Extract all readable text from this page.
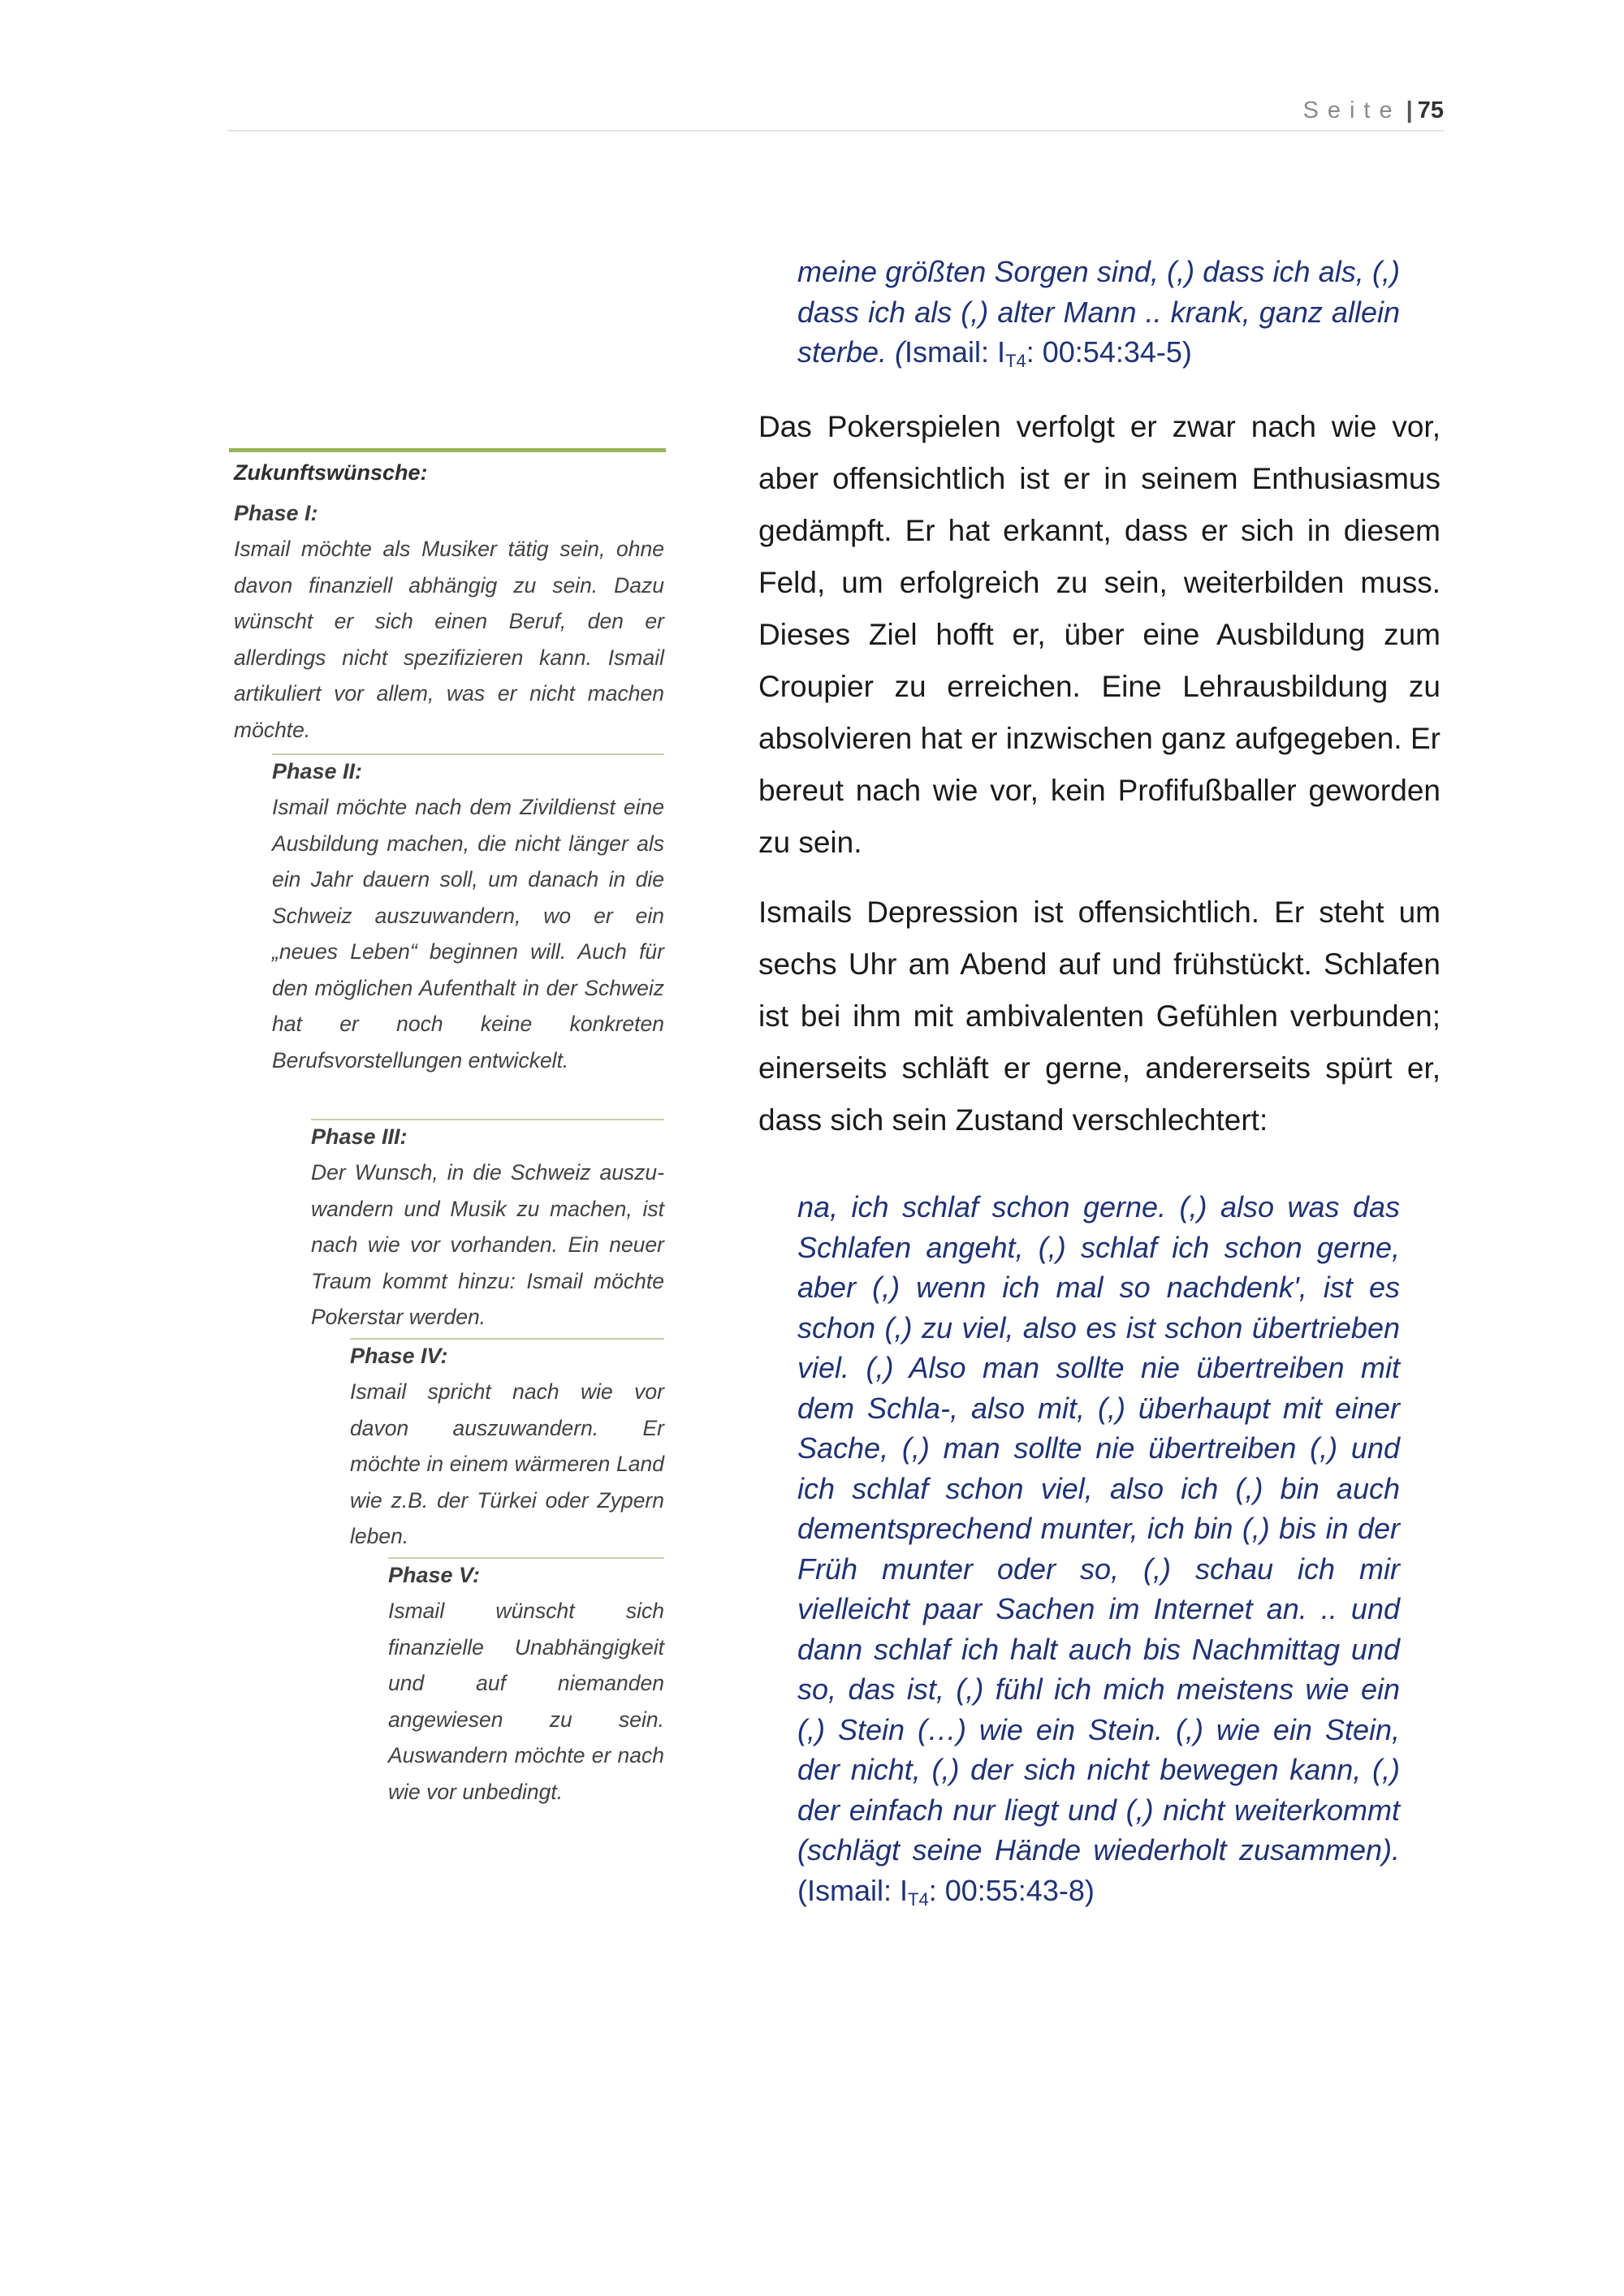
Seite | 75
meine größten Sorgen sind, (,) dass ich als, (,) dass ich als (,) alter Mann .. krank, ganz allein sterbe. (Ismail: $I_{T4}$: 00:54:34-5)

Das Pokerspielen verfolgt er zwar nach wie vor, aber offensichtlich ist er in seinem Enthusiasmus gedämpft. Er hat erkannt, dass er sich in diesem Feld, um erfolgreich zu sein, weiterbilden muss. Dieses Ziel hofft er, über eine Ausbildung zum Croupier zu erreichen. Eine Lehrausbildung zu absolvieren hat er inzwischen ganz aufgegeben. Er bereut nach wie vor, kein Profifußballer geworden zu sein.

Ismails Depression ist offensichtlich. Er steht um sechs Uhr am Abend auf und frühstückt. Schlafen ist bei ihm mit ambivalenten Gefühlen verbunden; einerseits schläft er gerne, andererseits spürt er, dass sich sein Zustand verschlechtert:

na, ich schlaf schon gerne. (,) also was das Schlafen angeht, (,) schlaf ich schon gerne, aber (,) wenn ich mal so nachdenk', ist es schon (,) zu viel, also es ist schon übertrieben viel. (,) Also man sollte nie übertreiben mit dem Schla-, also mit, (,) überhaupt mit einer Sache, (,) man sollte nie übertreiben (,) und ich schlaf schon viel, also ich (,) bin auch dementsprechend munter, ich bin (,) bis in der Früh munter oder so, (,) schau ich mir vielleicht paar Sachen im Internet an. .. und dann schlaf ich halt auch bis Nachmittag und so, das ist, (,) fühl ich mich meistens wie ein (,) Stein (…) wie ein Stein. (,) wie ein Stein, der nicht, (,) der sich nicht bewegen kann, (,) der einfach nur liegt und (,) nicht weiterkommt (schlägt seine Hände wiederholt zusammen). (Ismail: $I_{T4}$: 00:55:43-8)
Zukunftswünsche:
Phase I:
Ismail möchte als Musiker tätig sein, ohne davon finanziell abhängig zu sein. Dazu wünscht er sich einen Beruf, den er allerdings nicht spezifizieren kann. Ismail artikuliert vor allem, was er nicht machen möchte.
Phase II:
Ismail möchte nach dem Zivildienst eine Ausbildung machen, die nicht länger als ein Jahr dauern soll, um danach in die Schweiz auszuwandern, wo er ein „neues Leben“ beginnen will. Auch für den möglichen Aufenthalt in der Schweiz hat er noch keine konkreten Berufsvorstellungen entwickelt.
Phase III:
Der Wunsch, in die Schweiz auszuwandern und Musik zu machen, ist nach wie vor vorhanden. Ein neuer Traum kommt hinzu: Ismail möchte Pokerstar werden.
Phase IV:
Ismail spricht nach wie vor davon auszuwandern. Er möchte in einem wärmeren Land wie z.B. der Türkei oder Zypern leben.
Phase V:
Ismail wünscht sich finanzielle Unabhängigkeit und auf niemanden angewiesen zu sein. Auswandern möchte er nach wie vor unbedingt.
